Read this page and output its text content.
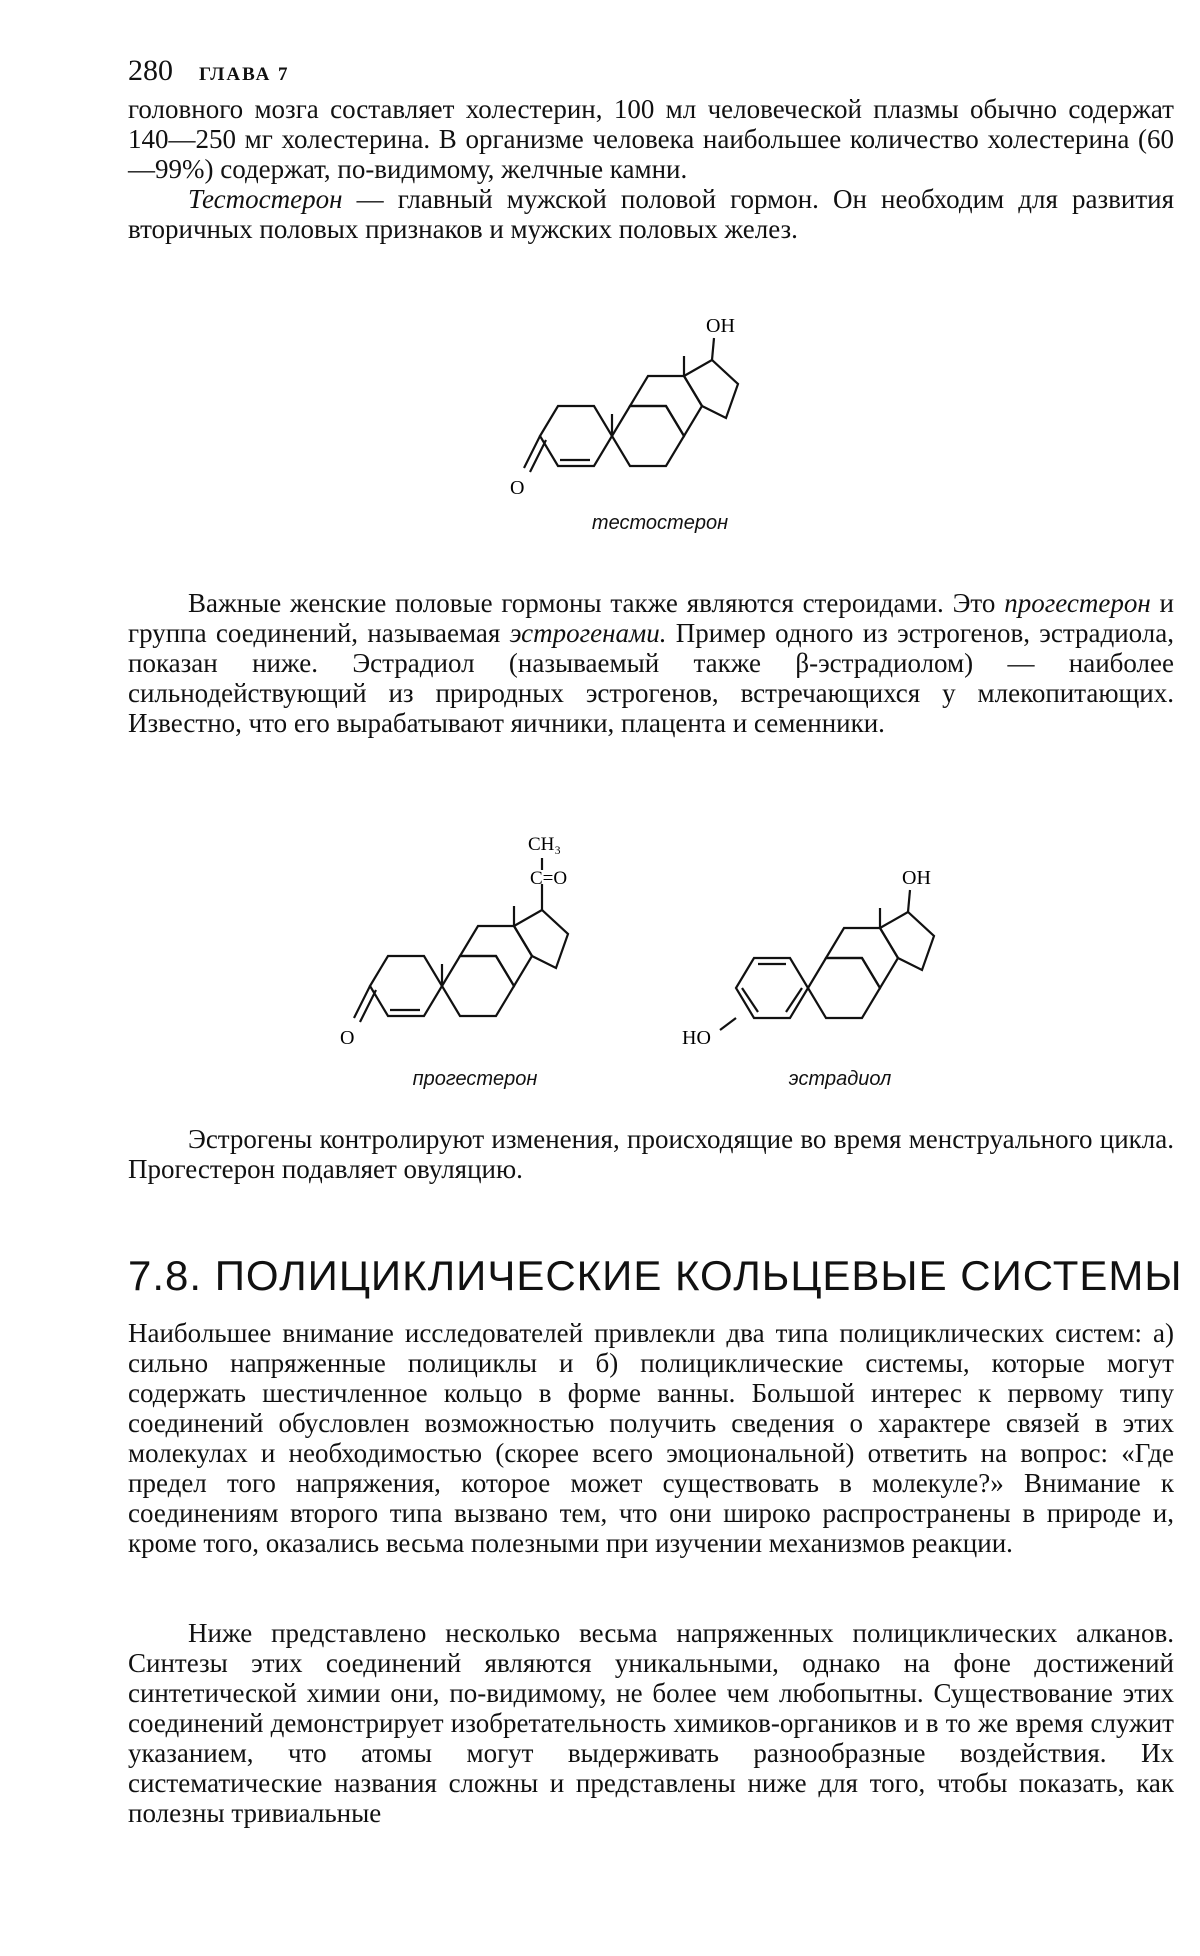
280 ГЛАВА 7

головного мозга составляет холестерин, 100 мл человеческой плазмы обычно содержат 140—250 мг холестерина. В организме человека наибольшее количество холестерина (60—99%) содержат, по-видимому, желчные камни.
Тестостерон — главный мужской половой гормон. Он необходим для развития вторичных половых признаков и мужских половых желез.

OH
O
тестостерон

Важные женские половые гормоны также являются стероидами. Это прогестерон и группа соединений, называемая эстрогенами. Пример одного из эстрогенов, эстрадиола, показан ниже. Эстрадиол (называемый также β-эстрадиолом) — наиболее сильнодействующий из природных эстрогенов, встречающихся у млекопитающих. Известно, что его вырабатывают яичники, плацента и семенники.

CH₃
C=O
O
прогестерон
OH
HO
эстрадиол

Эстрогены контролируют изменения, происходящие во время менструального цикла. Прогестерон подавляет овуляцию.

7.8. ПОЛИЦИКЛИЧЕСКИЕ КОЛЬЦЕВЫЕ СИСТЕМЫ

Наибольшее внимание исследователей привлекли два типа полициклических систем: а) сильно напряженные полициклы и б) полициклические системы, которые могут содержать шестичленное кольцо в форме ванны. Большой интерес к первому типу соединений обусловлен возможностью получить сведения о характере связей в этих молекулах и необходимостью (скорее всего эмоциональной) ответить на вопрос: «Где предел того напряжения, которое может существовать в молекуле?» Внимание к соединениям второго типа вызвано тем, что они широко распространены в природе и, кроме того, оказались весьма полезными при изучении механизмов реакции.

Ниже представлено несколько весьма напряженных полициклических алканов. Синтезы этих соединений являются уникальными, однако на фоне достижений синтетической химии они, по-видимому, не более чем любопытны. Существование этих соединений демонстрирует изобретательность химиков-органиков и в то же время служит указанием, что атомы могут выдерживать разнообразные воздействия. Их систематические названия сложны и представлены ниже для того, чтобы показать, как полезны тривиальные
